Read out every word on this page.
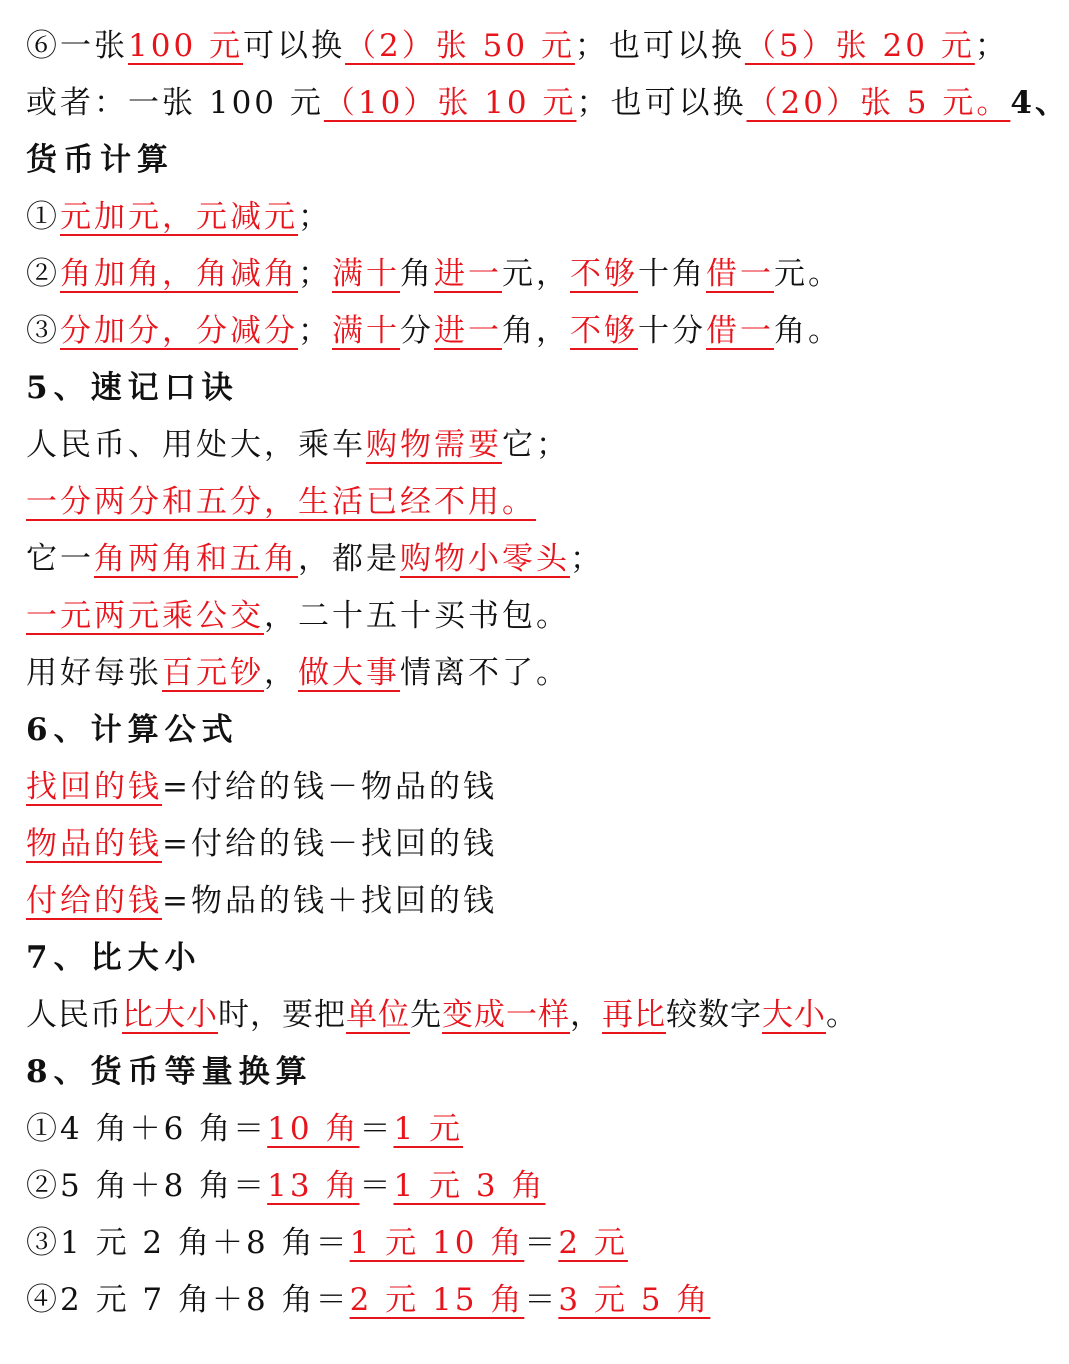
⑥一张100 元可以换（2）张 50 元；也可以换（5）张 20 元；
或者：一张 100 元（10）张 10 元；也可以换（20）张 5 元。4、
货币计算
①元加元，元减元；
②角加角，角减角；满十角进一元，不够十角借一元。
③分加分，分减分；满十分进一角，不够十分借一角。
5、速记口诀
人民币、用处大，乘车购物需要它；
一分两分和五分，生活已经不用。
它一角两角和五角，都是购物小零头；
一元两元乘公交，二十五十买书包。
用好每张百元钞，做大事情离不了。
6、计算公式
找回的钱=付给的钱－物品的钱
物品的钱=付给的钱－找回的钱
付给的钱=物品的钱＋找回的钱
7、比大小
人民币比大小时，要把单位先变成一样，再比较数字大小。
8、货币等量换算
①4 角＋6 角＝10 角＝1 元
②5 角＋8 角＝13 角＝1 元 3 角
③1 元 2 角＋8 角＝1 元 10 角＝2 元
④2 元 7 角＋8 角＝2 元 15 角＝3 元 5 角
